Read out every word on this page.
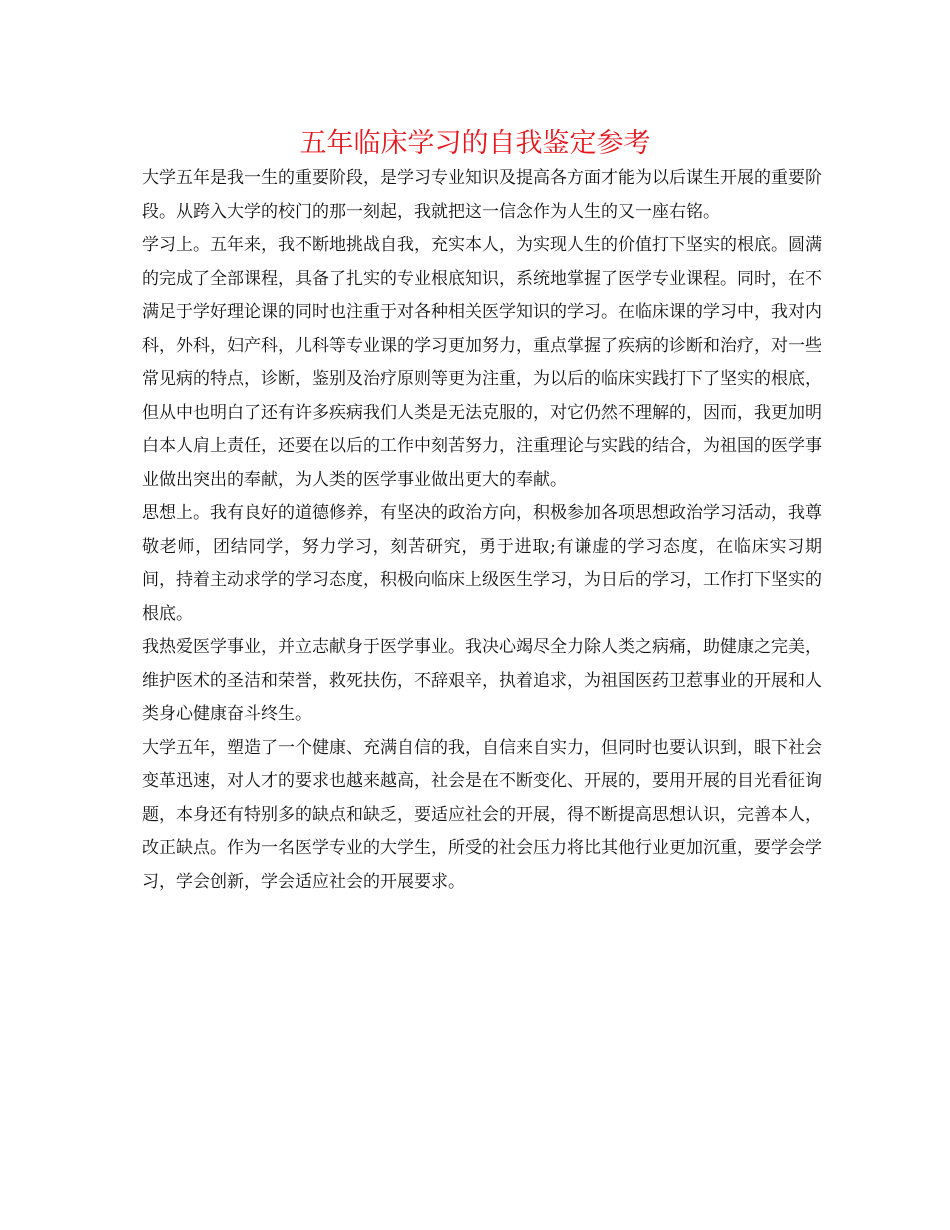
五年临床学习的自我鉴定参考

大学五年是我一生的重要阶段，是学习专业知识及提高各方面才能为以后谋生开展的重要阶段。从跨入大学的校门的那一刻起，我就把这一信念作为人生的又一座右铭。

学习上。五年来，我不断地挑战自我，充实本人，为实现人生的价值打下坚实的根底。圆满的完成了全部课程，具备了扎实的专业根底知识，系统地掌握了医学专业课程。同时，在不满足于学好理论课的同时也注重于对各种相关医学知识的学习。在临床课的学习中，我对内科，外科，妇产科，儿科等专业课的学习更加努力，重点掌握了疾病的诊断和治疗，对一些常见病的特点，诊断，鉴别及治疗原则等更为注重，为以后的临床实践打下了坚实的根底，但从中也明白了还有许多疾病我们人类是无法克服的，对它仍然不理解的，因而，我更加明白本人肩上责任，还要在以后的工作中刻苦努力，注重理论与实践的结合，为祖国的医学事业做出突出的奉献，为人类的医学事业做出更大的奉献。

思想上。我有良好的道德修养，有坚决的政治方向，积极参加各项思想政治学习活动，我尊敬老师，团结同学，努力学习，刻苦研究，勇于进取;有谦虚的学习态度，在临床实习期间，持着主动求学的学习态度，积极向临床上级医生学习，为日后的学习，工作打下坚实的根底。

我热爱医学事业，并立志献身于医学事业。我决心竭尽全力除人类之病痛，助健康之完美，维护医术的圣洁和荣誉，救死扶伤，不辞艰辛，执着追求，为祖国医药卫惹事业的开展和人类身心健康奋斗终生。

大学五年，塑造了一个健康、充满自信的我，自信来自实力，但同时也要认识到，眼下社会变革迅速，对人才的要求也越来越高，社会是在不断变化、开展的，要用开展的目光看征询题，本身还有特别多的缺点和缺乏，要适应社会的开展，得不断提高思想认识，完善本人，改正缺点。作为一名医学专业的大学生，所受的社会压力将比其他行业更加沉重，要学会学习，学会创新，学会适应社会的开展要求。
